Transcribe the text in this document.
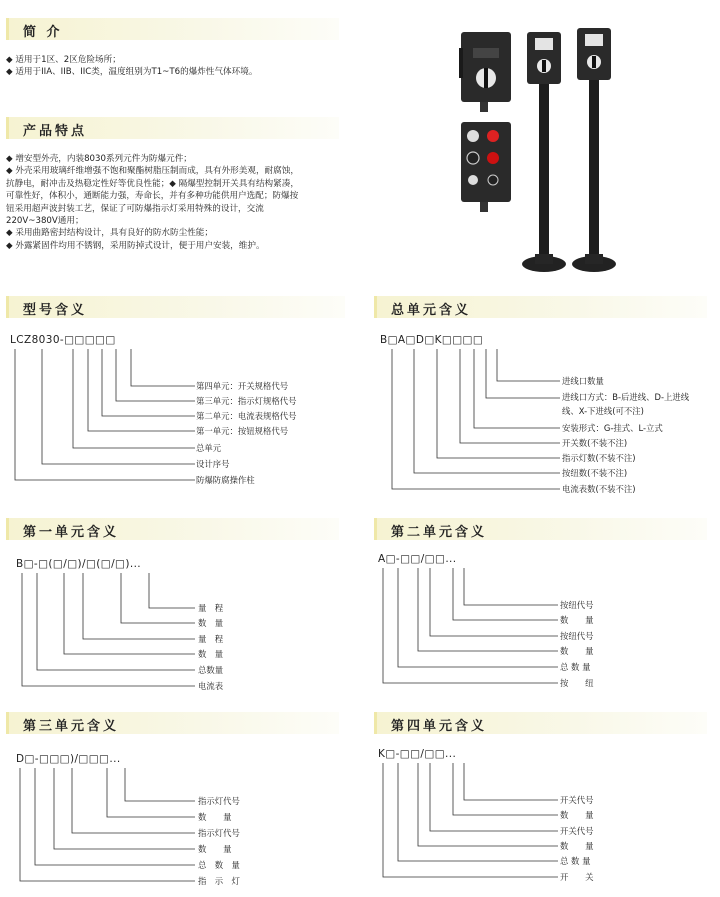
简 介
◆ 适用于1区、2区危险场所；
◆ 适用于IIA、IIB、IIC类，温度组别为T1~T6的爆炸性气体环境。
产品特点
◆ 增安型外壳，内装8030系列元件为防爆元件；
◆ 外壳采用玻璃纤维增强不饱和聚酯树脂压制而成，具有外形美观，耐腐蚀，
抗静电，耐冲击及热稳定性好等优良性能；◆ 隔爆型控制开关具有结构紧凑，
可靠性好，体积小，通断能力强，寿命长，并有多种功能供用户选配；防爆按
钮采用超声波封装工艺，保证了可防爆指示灯采用特殊的设计，交流
220V~380V通用；
◆ 采用曲路密封结构设计，具有良好的防水防尘性能；
◆ 外露紧固件均用不锈钢，采用防掉式设计，便于用户安装，维护。
型号含义
LCZ8030-□□□□□
第四单元：开关规格代号
第三单元：指示灯规格代号
第二单元：电流表规格代号
第一单元：按钮规格代号
总单元
设计序号
防爆防腐操作柱
总单元含义
B□A□D□K□□□□
进线口数量
进线口方式：B-后进线、D-上进线
线、X-下进线(可不注)
安装形式：G-挂式、L-立式
开关数(不装不注)
指示灯数(不装不注)
按纽数(不装不注)
电流表数(不装不注)
第一单元含义
B□-□(□/□)/□(□/□)...
量　程
数　量
量　程
数　量
总数量
电流表
第二单元含义
A□-□□/□□...
按纽代号
数　　量
按纽代号
数　　量
总 数 量
按　　纽
第三单元含义
D□-□□□)/□□□...
指示灯代号
数　　量
指示灯代号
数　　量
总　数　量
指　示　灯
第四单元含义
K□-□□/□□...
开关代号
数　　量
开关代号
数　　量
总 数 量
开　　关
